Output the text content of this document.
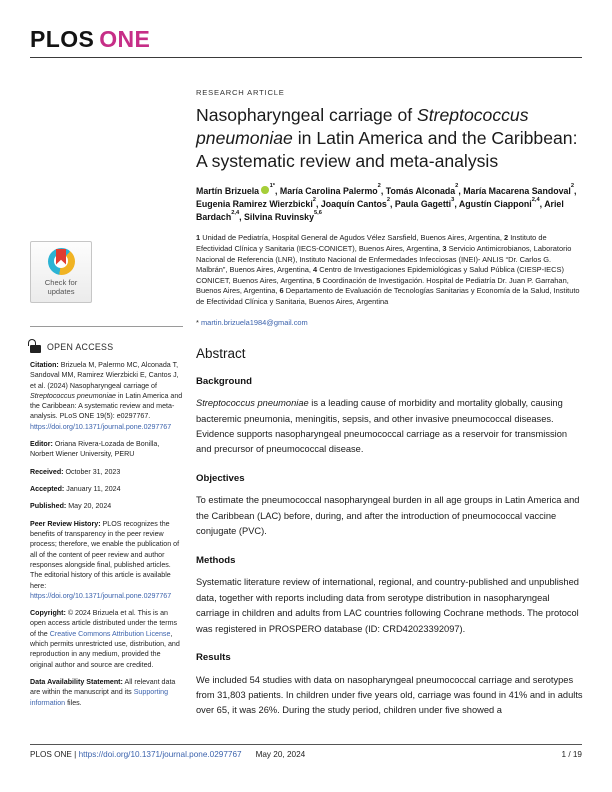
PLOS ONE
Check for
updates
OPEN ACCESS

Citation: Brizuela M, Palermo MC, Alconada T, Sandoval MM, Ramirez Wierzbicki E, Cantos J, et al. (2024) Nasopharyngeal carriage of Streptococcus pneumoniae in Latin America and the Caribbean: A systematic review and meta-analysis. PLoS ONE 19(5): e0297767. https://doi.org/10.1371/journal.pone.0297767

Editor: Oriana Rivera-Lozada de Bonilla, Norbert Wiener University, PERU

Received: October 31, 2023

Accepted: January 11, 2024

Published: May 20, 2024

Peer Review History: PLOS recognizes the benefits of transparency in the peer review process; therefore, we enable the publication of all of the content of peer review and author responses alongside final, published articles. The editorial history of this article is available here: https://doi.org/10.1371/journal.pone.0297767

Copyright: © 2024 Brizuela et al. This is an open access article distributed under the terms of the Creative Commons Attribution License, which permits unrestricted use, distribution, and reproduction in any medium, provided the original author and source are credited.

Data Availability Statement: All relevant data are within the manuscript and its Supporting information files.

RESEARCH ARTICLE
Nasopharyngeal carriage of Streptococcus pneumoniae in Latin America and the Caribbean: A systematic review and meta-analysis

Martín Brizuela $^{1*}$, María Carolina Palermo$^2$, Tomás Alconada$^2$, María Macarena Sandoval$^2$, Eugenia Ramirez Wierzbicki$^2$, Joaquín Cantos$^2$, Paula Gagetti$^3$, Agustín Ciapponi$^{2,4}$, Ariel Bardach$^{2,4}$, Silvina Ruvinsky$^{5,6}$

1 Unidad de Pediatría, Hospital General de Agudos Vélez Sarsfield, Buenos Aires, Argentina, 2 Instituto de Efectividad Clínica y Sanitaria (IECS-CONICET), Buenos Aires, Argentina, 3 Servicio Antimicrobianos, Laboratorio Nacional de Referencia (LNR), Instituto Nacional de Enfermedades Infecciosas (INEI)- ANLIS “Dr. Carlos G. Malbrán”, Buenos Aires, Argentina, 4 Centro de Investigaciones Epidemiológicas y Salud Pública (CIESP-IECS) CONICET, Buenos Aires, Argentina, 5 Coordinación de Investigación. Hospital de Pediatría Dr. Juan P. Garrahan, Buenos Aires, Argentina, 6 Departamento de Evaluación de Tecnologías Sanitarias y Economía de la Salud, Instituto de Efectividad Clínica y Sanitaria, Buenos Aires, Argentina

* martin.brizuela1984@gmail.com

Abstract
Background

Streptococcus pneumoniae is a leading cause of morbidity and mortality globally, causing bacteremic pneumonia, meningitis, sepsis, and other invasive pneumococcal diseases. Evidence supports nasopharyngeal pneumococcal carriage as a reservoir for transmission and precursor of pneumococcal disease.

Objectives

To estimate the pneumococcal nasopharyngeal burden in all age groups in Latin America and the Caribbean (LAC) before, during, and after the introduction of pneumococcal vaccine conjugate (PVC).

Methods

Systematic literature review of international, regional, and country-published and unpublished data, together with reports including data from serotype distribution in nasopharyngeal carriage in children and adults from LAC countries following Cochrane methods. The protocol was registered in PROSPERO database (ID: CRD42023392097).

Results

We included 54 studies with data on nasopharyngeal pneumococcal carriage and serotypes from 31,803 patients. In children under five years old, carriage was found in 41% and in adults over 65, it was 26%. During the study period, children under five showed a

PLOS ONE
|
https://doi.org/10.1371/journal.pone.0297767 May 20, 2024	1 / 19
